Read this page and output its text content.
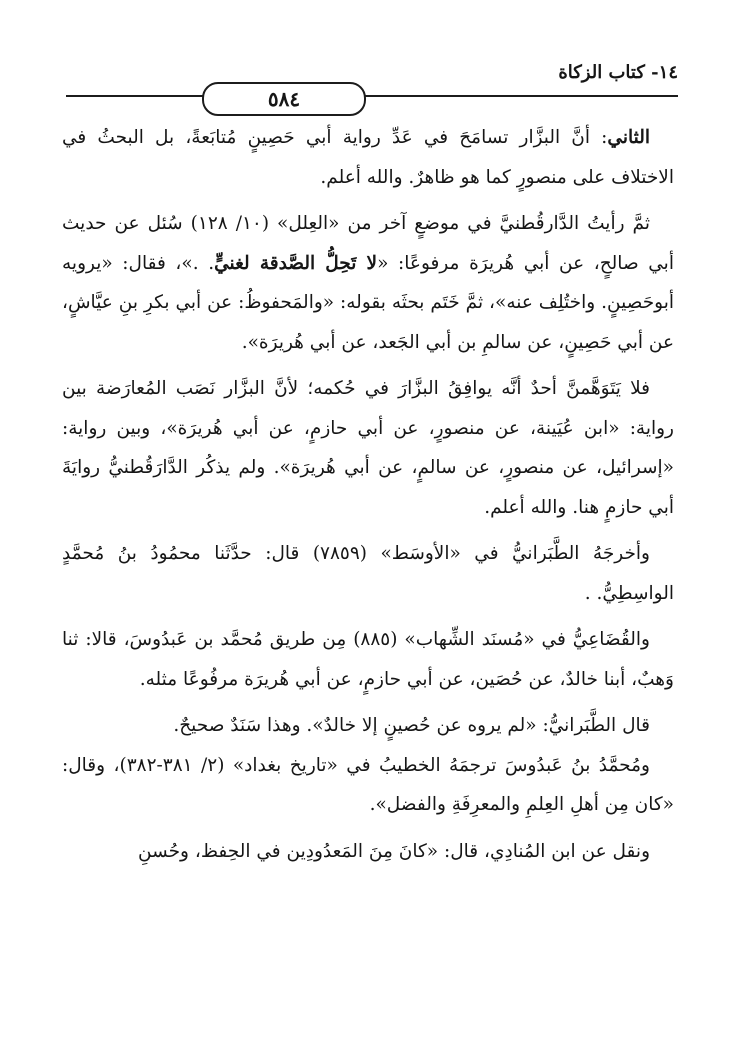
١٤- كتاب الزكاة
٥٨٤

الثاني: أنَّ البزَّار تسامَحَ في عَدِّ رواية أبي حَصِينٍ مُتابَعةً، بل البحثُ في الاختلاف على منصورٍ كما هو ظاهرٌ. والله أعلم.

ثمَّ رأيتُ الدَّارقُطنيَّ في موضعٍ آخر من «العِلل» (١٠/ ١٢٨) سُئل عن حديث أبي صالحٍ، عن أبي هُريرَة مرفوعًا: «لا تَحِلُّ الصَّدقة لغنيٍّ. .»، فقال: «يرويه أبوحَصِينٍ. واختُلِف عنه»، ثمَّ خَتَم بحثَه بقوله: «والمَحفوظُ: عن أبي بكرِ بنِ عيَّاشٍ، عن أبي حَصِينٍ، عن سالمِ بن أبي الجَعد، عن أبي هُريرَة».

فلا يَتَوَهَّمنَّ أحدٌ أنَّه يوافِقُ البزَّارَ في حُكمه؛ لأنَّ البزَّار نَصَب المُعارَضة بين رواية: «ابن عُيَينة، عن منصورٍ، عن أبي حازمٍ، عن أبي هُريرَة»، وبين رواية: «إسرائيل، عن منصورٍ، عن سالمٍ، عن أبي هُريرَة». ولم يذكُر الدَّارَقُطنيُّ روايَةَ أبي حازمٍ هنا. والله أعلم.

وأخرجَهُ الطَّبَرانيُّ في «الأوسَط» (٧٨٥٩) قال: حدَّثَنا محمُودُ بنُ مُحمَّدٍ الواسِطِيُّ. .

والقُضَاعِيُّ في «مُسنَد الشِّهاب» (٨٨٥) مِن طريق مُحمَّد بن عَبدُوسَ، قالا: ثنا وَهبٌ، أبنا خالدٌ، عن حُصَين، عن أبي حازمٍ، عن أبي هُريرَة مرفُوعًا مثله.

قال الطَّبَرانيُّ: «لم يروه عن حُصينٍ إلا خالدٌ». وهذا سَنَدٌ صحيحٌ.

ومُحمَّدُ بنُ عَبدُوسَ ترجمَهُ الخطيبُ في «تاريخ بغداد» (٢/ ٣٨١-٣٨٢)، وقال: «كان مِن أهلِ العِلمِ والمعرِفَةِ والفضل».

ونقل عن ابن المُنادِي، قال: «كانَ مِنَ المَعدُودِين في الحِفظ، وحُسنِ
